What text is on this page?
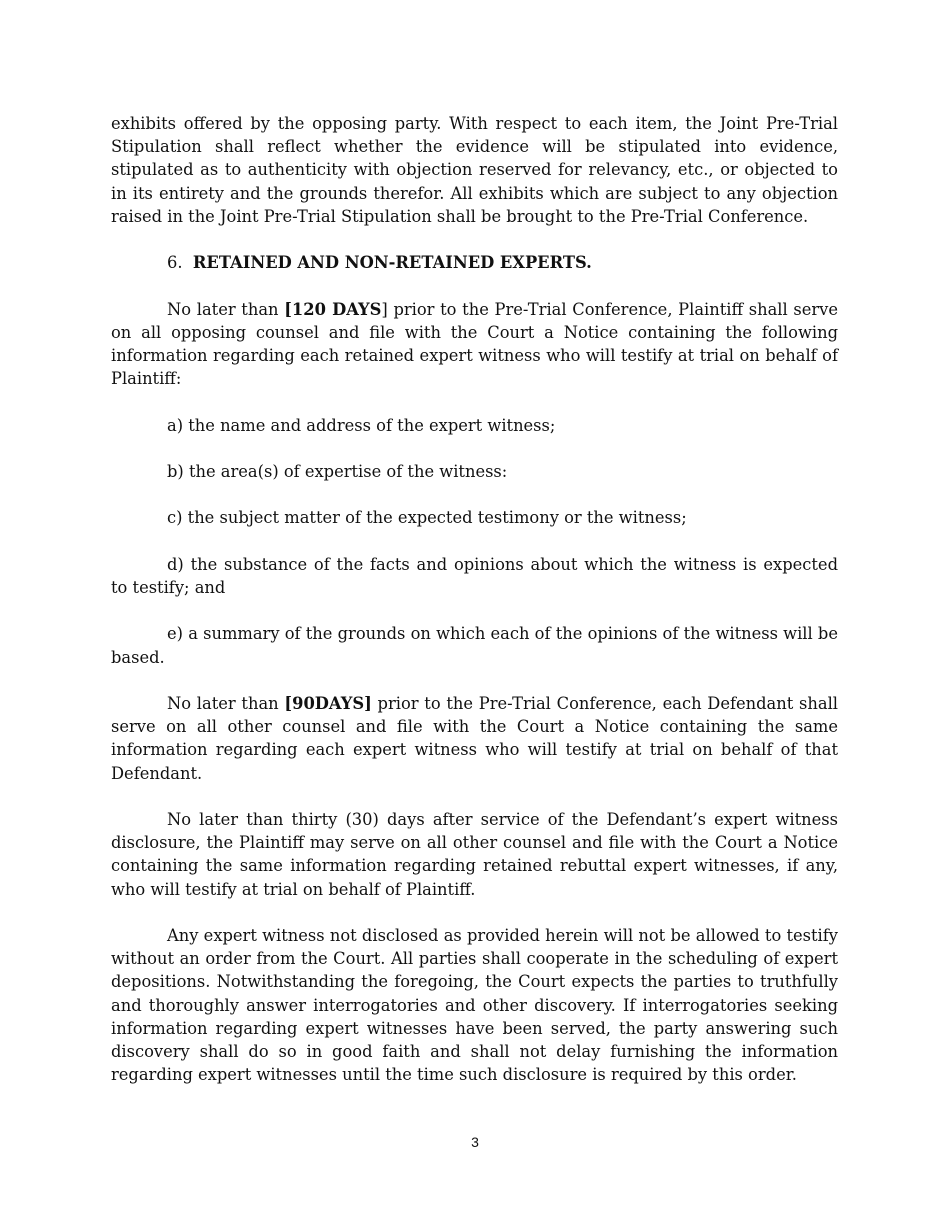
exhibits offered by the opposing party. With respect to each item, the Joint Pre-Trial Stipulation shall reflect whether the evidence will be stipulated into evidence, stipulated as to authenticity with objection reserved for relevancy, etc., or objected to in its entirety and the grounds therefor. All exhibits which are subject to any objection raised in the Joint Pre-Trial Stipulation shall be brought to the Pre-Trial Conference.

6. RETAINED AND NON-RETAINED EXPERTS.

No later than [120 DAYS] prior to the Pre-Trial Conference, Plaintiff shall serve on all opposing counsel and file with the Court a Notice containing the following information regarding each retained expert witness who will testify at trial on behalf of Plaintiff:

a) the name and address of the expert witness;

b) the area(s) of expertise of the witness:

c) the subject matter of the expected testimony or the witness;

d) the substance of the facts and opinions about which the witness is expected to testify; and

e) a summary of the grounds on which each of the opinions of the witness will be based.

No later than [90DAYS] prior to the Pre-Trial Conference, each Defendant shall serve on all other counsel and file with the Court a Notice containing the same information regarding each expert witness who will testify at trial on behalf of that Defendant.

No later than thirty (30) days after service of the Defendant’s expert witness disclosure, the Plaintiff may serve on all other counsel and file with the Court a Notice containing the same information regarding retained rebuttal expert witnesses, if any, who will testify at trial on behalf of Plaintiff.

Any expert witness not disclosed as provided herein will not be allowed to testify without an order from the Court. All parties shall cooperate in the scheduling of expert depositions. Notwithstanding the foregoing, the Court expects the parties to truthfully and thoroughly answer interrogatories and other discovery. If interrogatories seeking information regarding expert witnesses have been served, the party answering such discovery shall do so in good faith and shall not delay furnishing the information regarding expert witnesses until the time such disclosure is required by this order.

3
